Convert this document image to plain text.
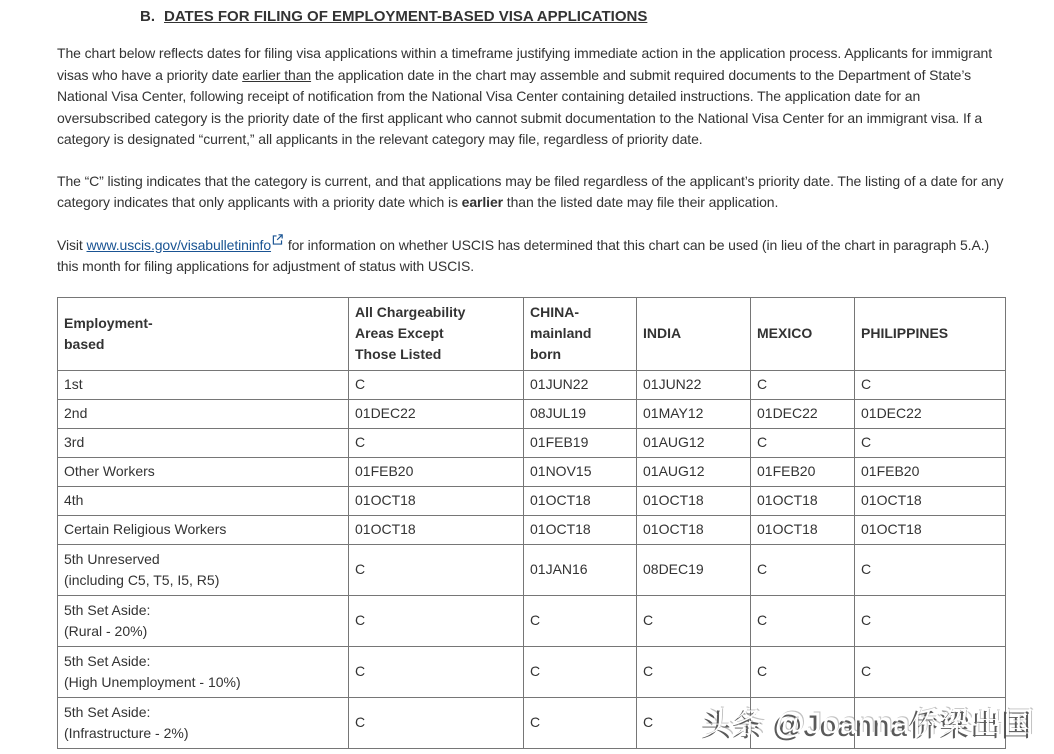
B. DATES FOR FILING OF EMPLOYMENT-BASED VISA APPLICATIONS

The chart below reflects dates for filing visa applications within a timeframe justifying immediate action in the application process. Applicants for immigrant visas who have a priority date earlier than the application date in the chart may assemble and submit required documents to the Department of State’s National Visa Center, following receipt of notification from the National Visa Center containing detailed instructions. The application date for an oversubscribed category is the priority date of the first applicant who cannot submit documentation to the National Visa Center for an immigrant visa. If a category is designated “current,” all applicants in the relevant category may file, regardless of priority date.

The “C” listing indicates that the category is current, and that applications may be filed regardless of the applicant’s priority date. The listing of a date for any category indicates that only applicants with a priority date which is earlier than the listed date may file their application.

Visit www.uscis.gov/visabulletininfo for information on whether USCIS has determined that this chart can be used (in lieu of the chart in paragraph 5.A.) this month for filing applications for adjustment of status with USCIS.

Employment-
based	All Chargeability
Areas Except
Those Listed	CHINA-
mainland
born	INDIA	MEXICO	PHILIPPINES
1st	C	01JUN22	01JUN22	C	C
2nd	01DEC22	08JUL19	01MAY12	01DEC22	01DEC22
3rd	C	01FEB19	01AUG12	C	C
Other Workers	01FEB20	01NOV15	01AUG12	01FEB20	01FEB20
4th	01OCT18	01OCT18	01OCT18	01OCT18	01OCT18
Certain Religious Workers	01OCT18	01OCT18	01OCT18	01OCT18	01OCT18
5th Unreserved
(including C5, T5, I5, R5)	C	01JAN16	08DEC19	C	C
5th Set Aside:
(Rural - 20%)	C	C	C	C	C
5th Set Aside:
(High Unemployment - 10%)	C	C	C	C	C
5th Set Aside:
(Infrastructure - 2%)	C	C	C		头条 @Joanna侨梁出国
